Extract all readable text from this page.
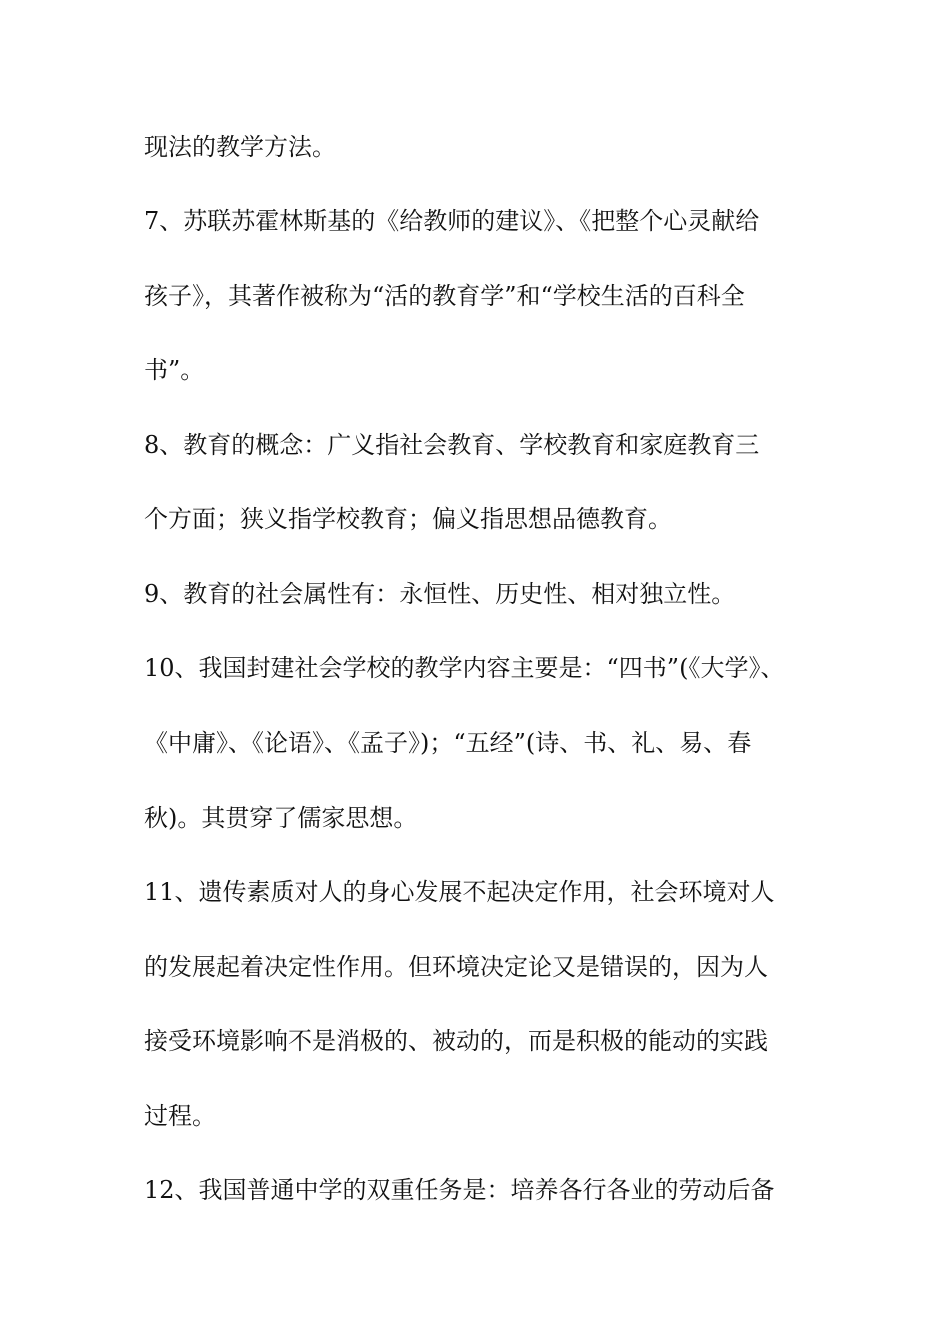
现法的教学方法。
7、苏联苏霍林斯基的《给教师的建议》、《把整个心灵献给
孩子》，其著作被称为“活的教育学”和“学校生活的百科全
书”。
8、教育的概念：广义指社会教育、学校教育和家庭教育三
个方面；狭义指学校教育；偏义指思想品德教育。
9、教育的社会属性有：永恒性、历史性、相对独立性。
10、我国封建社会学校的教学内容主要是：“四书”(《大学》、
《中庸》、《论语》、《孟子》)；“五经”(诗、书、礼、易、春
秋)。其贯穿了儒家思想。
11、遗传素质对人的身心发展不起决定作用，社会环境对人
的发展起着决定性作用。但环境决定论又是错误的，因为人
接受环境影响不是消极的、被动的，而是积极的能动的实践
过程。
12、我国普通中学的双重任务是：培养各行各业的劳动后备
